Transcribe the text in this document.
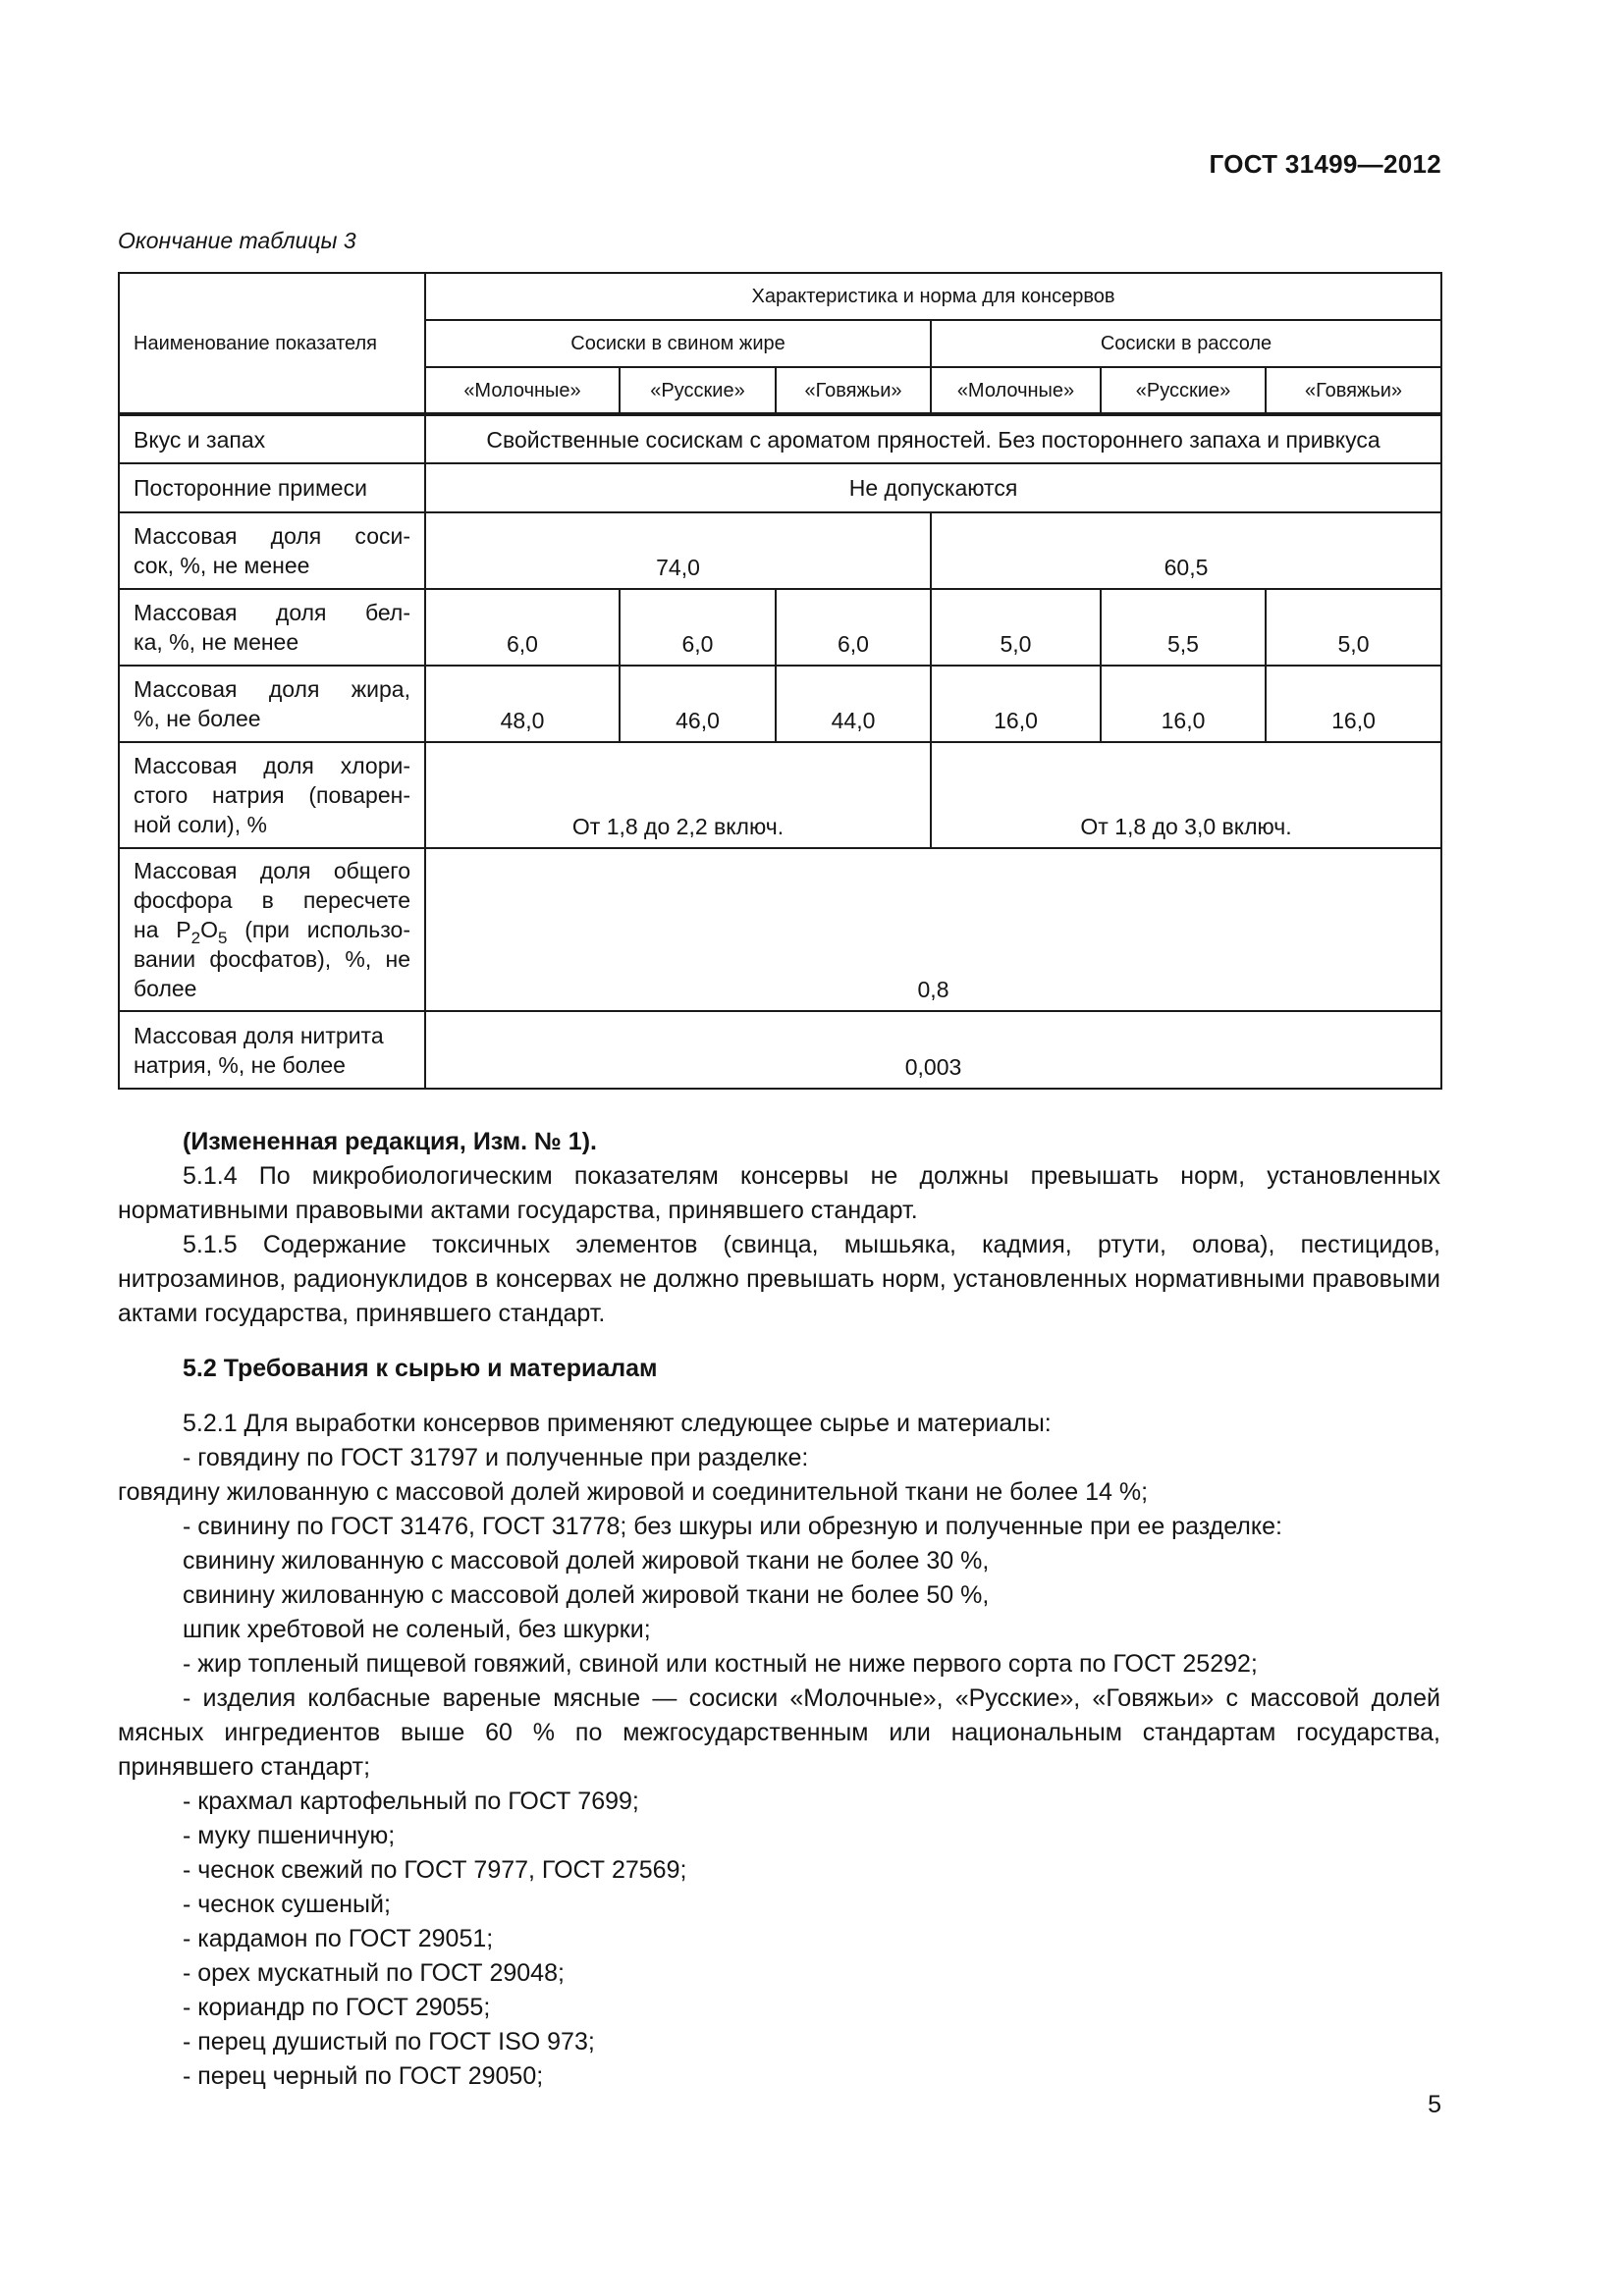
ГОСТ 31499—2012
Окончание таблицы 3
Наименование показателя	Характеристика и норма для консервов					
	Сосиски в свином жире			Сосиски в рассоле		
	«Молочные»	«Русские»	«Говяжьи»	«Молочные»	«Русские»	«Говяжьи»
Вкус и запах	Свойственные сосискам с ароматом пряностей. Без постороннего запаха и привкуса					
Посторонние примеси	Не допускаются					

Массовая доля соси-
сок, %, не менее	74,0			60,5		

Массовая доля бел-
ка, %, не менее	6,0	6,0	6,0	5,0	5,5	5,0

Массовая доля жира,
%, не более	48,0	46,0	44,0	16,0	16,0	16,0

Массовая доля хлори-
стого натрия (поварен-
ной соли), %	От 1,8 до 2,2 включ.			От 1,8 до 3,0 включ.		

Массовая доля общего
фосфора в пересчете
на $P_2O_5$ (при использо-
вании фосфатов), %, не
более	0,8					
Массовая доля нитрита
натрия, %, не более	0,003					

(Измененная редакция, Изм. № 1).

5.1.4 По микробиологическим показателям консервы не должны превышать норм, установленных нормативными правовыми актами государства, принявшего стандарт.

5.1.5 Содержание токсичных элементов (свинца, мышьяка, кадмия, ртути, олова), пестицидов, нитрозаминов, радионуклидов в консервах не должно превышать норм, установленных нормативными правовыми актами государства, принявшего стандарт.

5.2 Требования к сырью и материалам

5.2.1 Для выработки консервов применяют следующее сырье и материалы:

- говядину по ГОСТ 31797 и полученные при разделке:

говядину жилованную с массовой долей жировой и соединительной ткани не более 14 %;

- свинину по ГОСТ 31476, ГОСТ 31778; без шкуры или обрезную и полученные при ее разделке:

свинину жилованную с массовой долей жировой ткани не более 30 %,

свинину жилованную с массовой долей жировой ткани не более 50 %,

шпик хребтовой не соленый, без шкурки;

- жир топленый пищевой говяжий, свиной или костный не ниже первого сорта по ГОСТ 25292;

- изделия колбасные вареные мясные — сосиски «Молочные», «Русские», «Говяжьи» с массовой долей мясных ингредиентов выше 60 % по межгосударственным или национальным стандартам государства, принявшего стандарт;

- крахмал картофельный по ГОСТ 7699;

- муку пшеничную;

- чеснок свежий по ГОСТ 7977, ГОСТ 27569;

- чеснок сушеный;

- кардамон по ГОСТ 29051;

- орех мускатный по ГОСТ 29048;

- кориандр по ГОСТ 29055;

- перец душистый по ГОСТ ISO 973;

- перец черный по ГОСТ 29050;

5
